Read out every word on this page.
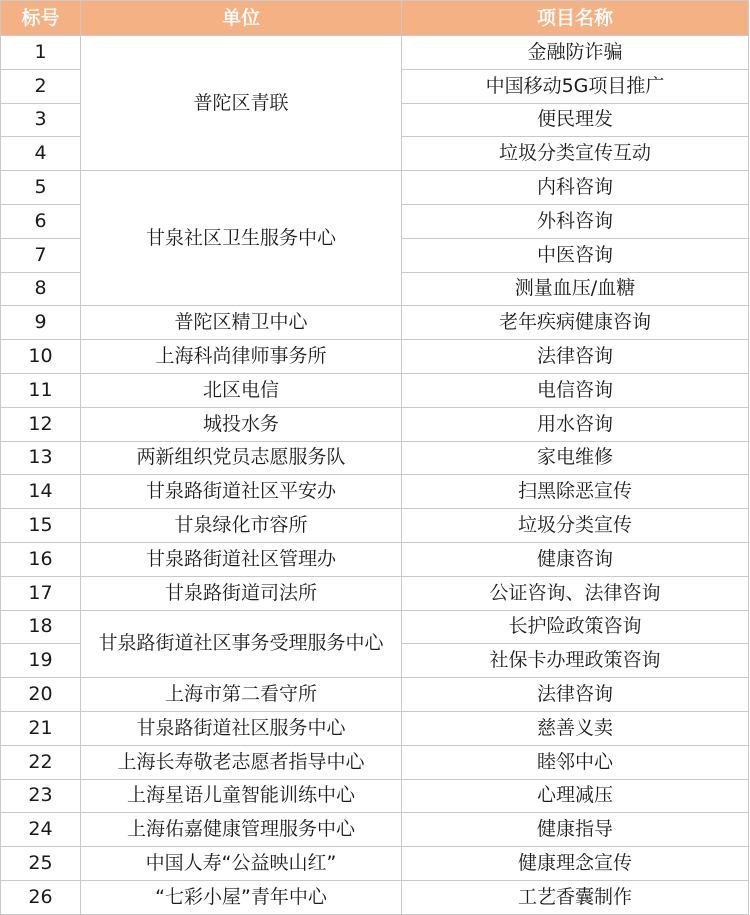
标号	单位	项目名称
1	普陀区青联	金融防诈骗
2		中国移动5G项目推广
3		便民理发
4		垃圾分类宣传互动
5	甘泉社区卫生服务中心	内科咨询
6		外科咨询
7		中医咨询
8		测量血压/血糖
9	普陀区精卫中心	老年疾病健康咨询
10	上海科尚律师事务所	法律咨询
11	北区电信	电信咨询
12	城投水务	用水咨询
13	两新组织党员志愿服务队	家电维修
14	甘泉路街道社区平安办	扫黑除恶宣传
15	甘泉绿化市容所	垃圾分类宣传
16	甘泉路街道社区管理办	健康咨询
17	甘泉路街道司法所	公证咨询、法律咨询
18	甘泉路街道社区事务受理服务中心	长护险政策咨询
19		社保卡办理政策咨询
20	上海市第二看守所	法律咨询
21	甘泉路街道社区服务中心	慈善义卖
22	上海长寿敬老志愿者指导中心	睦邻中心
23	上海星语儿童智能训练中心	心理减压
24	上海佑嘉健康管理服务中心	健康指导
25	中国人寿“公益映山红”	健康理念宣传
26	“七彩小屋”青年中心	工艺香囊制作
